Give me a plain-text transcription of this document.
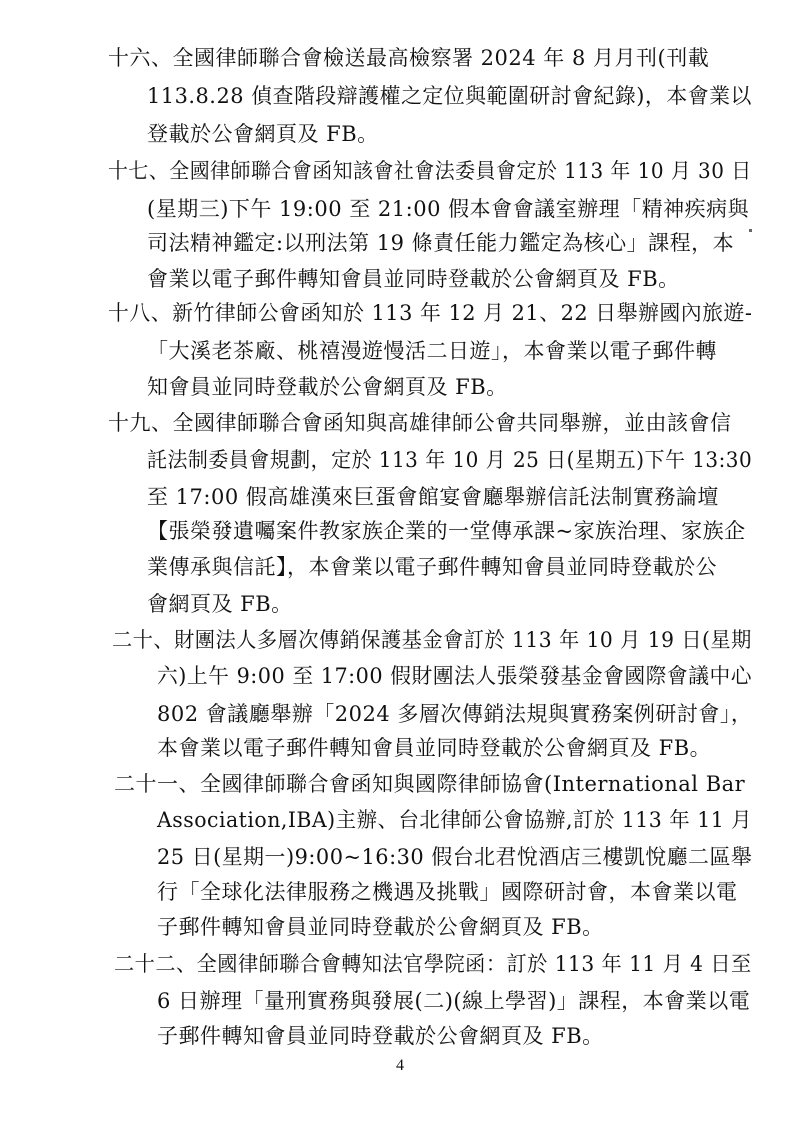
十六、全國律師聯合會檢送最高檢察署 2024 年 8 月月刊(刊載
113.8.28 偵查階段辯護權之定位與範圍研討會紀錄)，本會業以
登載於公會網頁及 FB。
十七、全國律師聯合會函知該會社會法委員會定於 113 年 10 月 30 日
(星期三)下午 19:00 至 21:00 假本會會議室辦理「精神疾病與
司法精神鑑定:以刑法第 19 條責任能力鑑定為核心」課程，本
會業以電子郵件轉知會員並同時登載於公會網頁及 FB。
十八、新竹律師公會函知於 113 年 12 月 21、22 日舉辦國內旅遊-
「大溪老茶廠、桃禧漫遊慢活二日遊」，本會業以電子郵件轉
知會員並同時登載於公會網頁及 FB。
十九、全國律師聯合會函知與高雄律師公會共同舉辦，並由該會信
託法制委員會規劃，定於 113 年 10 月 25 日(星期五)下午 13:30
至 17:00 假高雄漢來巨蛋會館宴會廳舉辦信託法制實務論壇
【張榮發遺囑案件教家族企業的一堂傳承課~家族治理、家族企
業傳承與信託】，本會業以電子郵件轉知會員並同時登載於公
會網頁及 FB。
二十、財團法人多層次傳銷保護基金會訂於 113 年 10 月 19 日(星期
六)上午 9:00 至 17:00 假財團法人張榮發基金會國際會議中心
802 會議廳舉辦「2024 多層次傳銷法規與實務案例研討會」，
本會業以電子郵件轉知會員並同時登載於公會網頁及 FB。
二十一、全國律師聯合會函知與國際律師協會(International Bar
Association,IBA)主辦、台北律師公會協辦,訂於 113 年 11 月
25 日(星期一)9:00~16:30 假台北君悅酒店三樓凱悅廳二區舉
行「全球化法律服務之機遇及挑戰」國際研討會，本會業以電
子郵件轉知會員並同時登載於公會網頁及 FB。
二十二、全國律師聯合會轉知法官學院函：訂於 113 年 11 月 4 日至
6 日辦理「量刑實務與發展(二)(線上學習)」課程，本會業以電
子郵件轉知會員並同時登載於公會網頁及 FB。
4
